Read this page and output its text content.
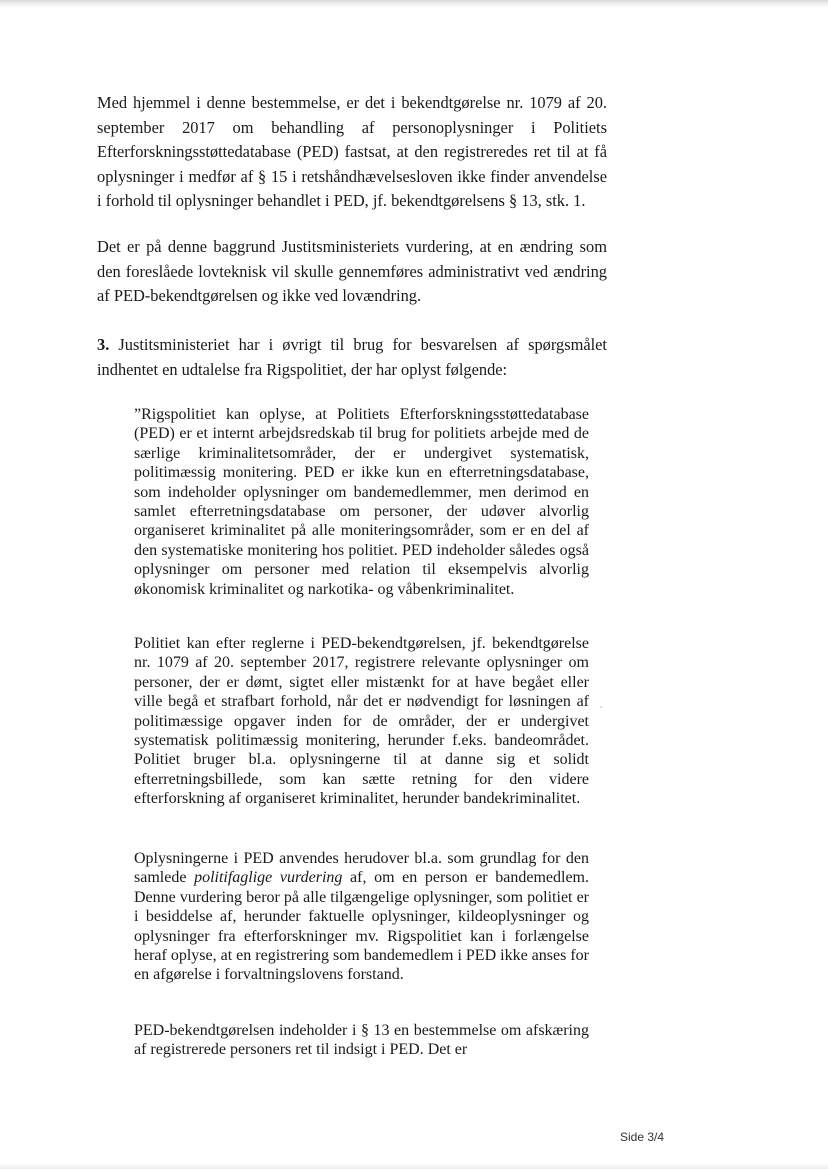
Med hjemmel i denne bestemmelse, er det i bekendtgørelse nr. 1079 af 20. september 2017 om behandling af personoplysninger i Politiets Efterforskningsstøttedatabase (PED) fastsat, at den registreredes ret til at få oplysninger i medfør af § 15 i retshåndhævelsesloven ikke finder anvendelse i forhold til oplysninger behandlet i PED, jf. bekendtgørelsens § 13, stk. 1.

Det er på denne baggrund Justitsministeriets vurdering, at en ændring som den foreslåede lovteknisk vil skulle gennemføres administrativt ved ændring af PED-bekendtgørelsen og ikke ved lovændring.

3. Justitsministeriet har i øvrigt til brug for besvarelsen af spørgsmålet indhentet en udtalelse fra Rigspolitiet, der har oplyst følgende:

”Rigspolitiet kan oplyse, at Politiets Efterforskningsstøttedatabase (PED) er et internt arbejdsredskab til brug for politiets arbejde med de særlige kriminalitetsområder, der er undergivet systematisk, politimæssig monitering. PED er ikke kun en efterretningsdatabase, som indeholder oplysninger om bandemedlemmer, men derimod en samlet efterretningsdatabase om personer, der udøver alvorlig organiseret kriminalitet på alle moniteringsområder, som er en del af den systematiske monitering hos politiet. PED indeholder således også oplysninger om personer med relation til eksempelvis alvorlig økonomisk kriminalitet og narkotika- og våbenkriminalitet.

Politiet kan efter reglerne i PED-bekendtgørelsen, jf. bekendtgørelse nr. 1079 af 20. september 2017, registrere relevante oplysninger om personer, der er dømt, sigtet eller mistænkt for at have begået eller ville begå et strafbart forhold, når det er nødvendigt for løsningen af politimæssige opgaver inden for de områder, der er undergivet systematisk politimæssig monitering, herunder f.eks. bandeområdet. Politiet bruger bl.a. oplysningerne til at danne sig et solidt efterretningsbillede, som kan sætte retning for den videre efterforskning af organiseret kriminalitet, herunder bandekriminalitet.

Oplysningerne i PED anvendes herudover bl.a. som grundlag for den samlede politifaglige vurdering af, om en person er bandemedlem. Denne vurdering beror på alle tilgængelige oplysninger, som politiet er i besiddelse af, herunder faktuelle oplysninger, kildeoplysninger og oplysninger fra efterforskninger mv. Rigspolitiet kan i forlængelse heraf oplyse, at en registrering som bandemedlem i PED ikke anses for en afgørelse i forvaltningslovens forstand.

PED-bekendtgørelsen indeholder i § 13 en bestemmelse om afskæring af registrerede personers ret til indsigt i PED. Det er

Side 3/4
